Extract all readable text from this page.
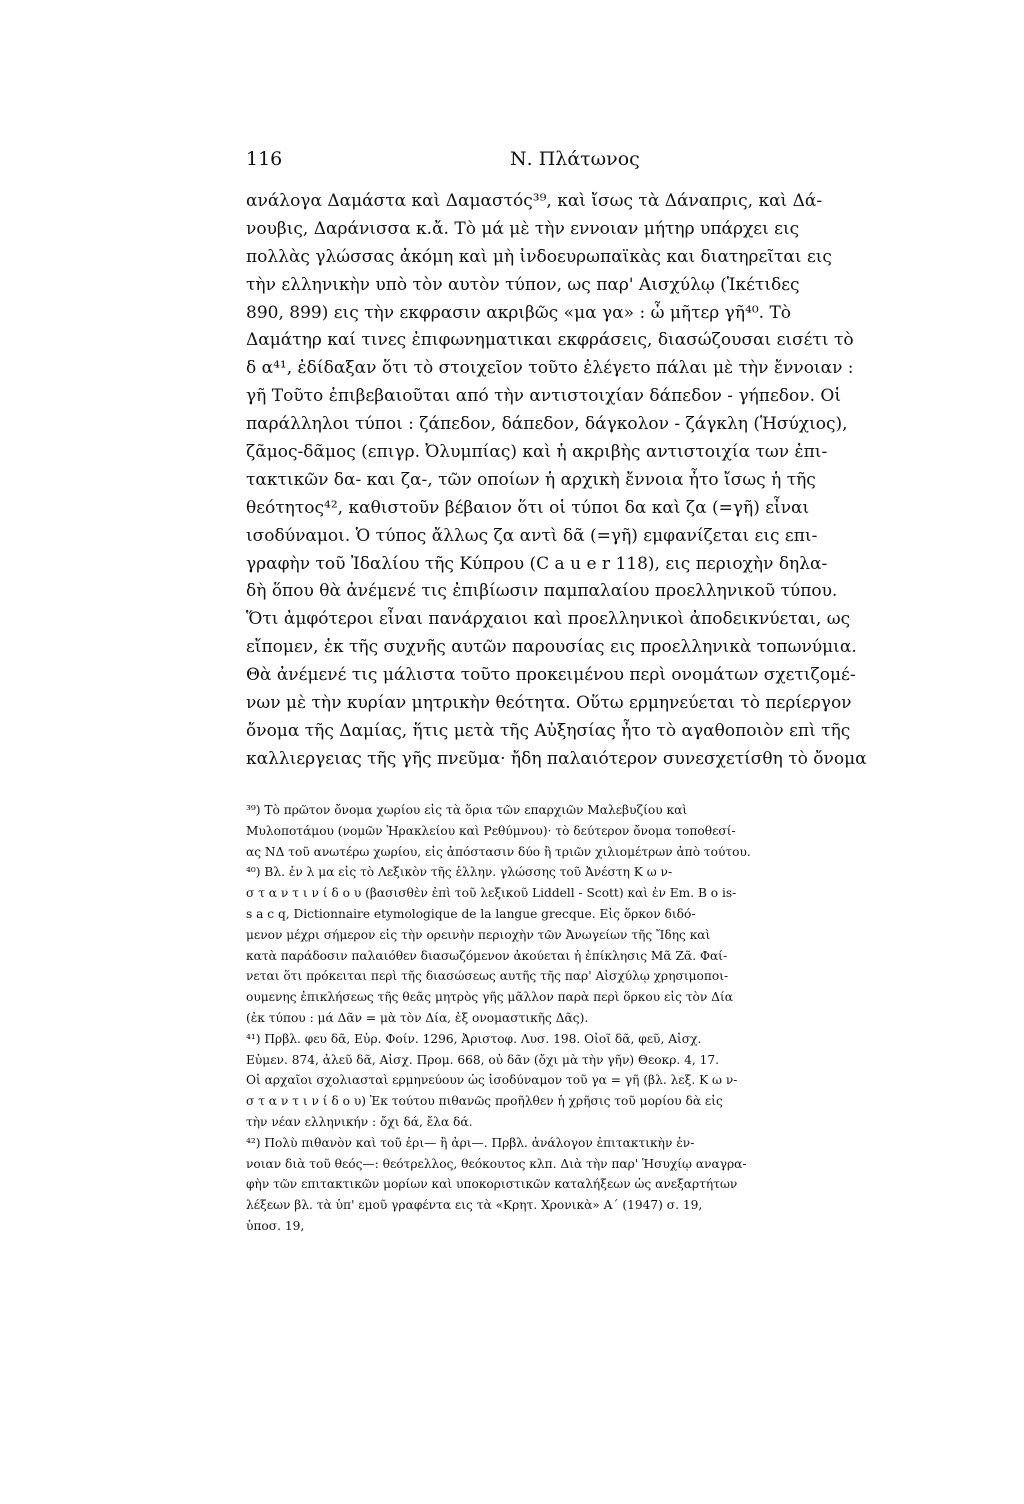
116	Ν. Πλάτωνος
ανάλογα Δαμάστα καὶ Δαμαστός³⁹, καὶ ἴσως τὰ Δάναπρις, καὶ Δά-
νουβις, Δαράνισσα κ.ἄ. Τὸ μά μὲ τὴν εννοιαν μήτηρ υπάρχει εις
πολλὰς γλώσσας ἀκόμη καὶ μὴ ἰνδοευρωπαϊκὰς και διατηρεῖται εις
τὴν ελληνικὴν υπὸ τὸν αυτὸν τύπον, ως παρ' Αισχύλῳ (Ἱκέτιδες
890, 899) εις τὴν εκφρασιν ακριβῶς «μα γα» : ὦ μῆτερ γῆ⁴⁰. Τὸ
Δαμάτηρ καί τινες ἐπιφωνηματικαι εκφράσεις, διασώζουσαι εισέτι τὸ
δ α⁴¹, ἐδίδαξαν ὅτι τὸ στοιχεῖον τοῦτο ἐλέγετο πάλαι μὲ τὴν ἔννοιαν :
γῆ Τοῦτο ἐπιβεβαιοῦται από τὴν αντιστοιχίαν δάπεδον - γήπεδον. Οἱ
παράλληλοι τύποι : ζάπεδον, δάπεδον, δάγκολον - ζάγκλη (Ἡσύχιος),
ζᾶμος-δᾶμος (επιγρ. Ὀλυμπίας) καὶ ἡ ακριβὴς αντιστοιχία των ἐπι-
τακτικῶν δα- και ζα-, τῶν οποίων ἡ αρχικὴ ἔννοια ἦτο ἴσως ἡ τῆς
θεότητος⁴², καθιστοῦν βέβαιον ὅτι οἱ τύποι δα καὶ ζα (=γῆ) εἶναι
ισοδύναμοι. Ὁ τύπος ἄλλως ζα αντὶ δᾶ (=γῆ) εμφανίζεται εις επι-
γραφὴν τοῦ Ἰδαλίου τῆς Κύπρου (C a u e r 118), εις περιοχὴν δηλα-
δὴ ὅπου θὰ ἀνέμενέ τις ἐπιβίωσιν παμπαλαίου προελληνικοῦ τύπου.
Ὅτι ἀμφότεροι εἶναι πανάρχαιοι καὶ προελληνικοὶ ἀποδεικνύεται, ως
εἴπομεν, ἐκ τῆς συχνῆς αυτῶν παρουσίας εις προελληνικὰ τοπωνύμια.
Θὰ ἀνέμενέ τις μάλιστα τοῦτο προκειμένου περὶ ονομάτων σχετιζομέ-
νων μὲ τὴν κυρίαν μητρικὴν θεότητα. Οὕτω ερμηνεύεται τὸ περίεργον
ὄνομα τῆς Δαμίας, ἥτις μετὰ τῆς Αὐξησίας ἦτο τὸ αγαθοποιὸν επὶ τῆς
καλλιεργειας τῆς γῆς πνεῦμα· ἤδη παλαιότερον συνεσχετίσθη τὸ ὄνομα
³⁹) Τὸ πρῶτον ὄνομα χωρίου εἰς τὰ ὅρια τῶν επαρχιῶν Μαλεβυζίου καὶ
Μυλοποτάμου (νομῶν Ἡρακλείου καὶ Ρεθύμνου)· τὸ δεύτερον ὄνομα τοποθεσί-
ας ΝΔ τοῦ ανωτέρω χωρίου, εἰς ἀπόστασιν δύο ἢ τριῶν χιλιομέτρων ἀπὸ τούτου.
⁴⁰) Βλ. ἐν λ μα εἰς τὸ Λεξικὸν τῆς ἑλλην. γλώσσης τοῦ Ἀνέστη Κ ω ν-
σ τ α ν τ ι ν ί δ ο υ (βασισθὲν ἐπὶ τοῦ λεξικοῦ Liddell - Scott) καὶ ἐν Em. B o is-
s a c q, Dictionnaire etymologique de la langue grecque. Εἰς ὅρκον διδό-
μενον μέχρι σήμερον εἰς τὴν ορεινὴν περιοχὴν τῶν Ἀνωγείων τῆς Ἴδης καὶ
κατὰ παράδοσιν παλαιόθεν διασωζόμενον ἀκούεται ἡ ἐπίκλησις Μᾶ Ζᾶ. Φαί-
νεται ὅτι πρόκειται περὶ τῆς διασώσεως αυτῆς τῆς παρ' Αἰσχύλῳ χρησιμοποι-
ουμενης ἐπικλήσεως τῆς θεᾶς μητρὸς γῆς μᾶλλον παρὰ περὶ ὅρκου εἰς τὸν Δία
(ἐκ τύπου : μά Δᾶν = μὰ τὸν Δία, ἐξ ονομαστικῆς Δᾶς).
⁴¹) Πρβλ. φευ δᾶ, Εὐρ. Φοίν. 1296, Ἀριστοφ. Λυσ. 198. Οἰοῖ δᾶ, φεῦ, Αἰσχ.
Εὐμεν. 874, ἀλεῦ δᾶ, Αἰσχ. Προμ. 668, οὐ δᾶν (ὄχι μὰ τὴν γῆν) Θεοκρ. 4, 17.
Οἱ αρχαῖοι σχολιασταὶ ερμηνεύουν ὡς ἰσοδύναμον τοῦ γα = γῆ (βλ. λεξ. Κ ω ν-
σ τ α ν τ ι ν ί δ ο υ) Ἐκ τούτου πιθανῶς προῆλθεν ἡ χρῆσις τοῦ μορίου δὰ εἰς
τὴν νέαν ελληνικήν : ὄχι δά, ἔλα δά.
⁴²) Πολὺ πιθανὸν καὶ τοῦ ἐρι— ἢ ἀρι—. Πρβλ. ἀνάλογον ἐπιτακτικὴν ἐν-
νοιαν διὰ τοῦ θεός—: θεότρελλος, θεόκουτος κλπ. Διὰ τὴν παρ' Ἡσυχίῳ αναγρα-
φὴν τῶν επιτακτικῶν μορίων καὶ υποκοριστικῶν καταλήξεων ὡς ανεξαρτήτων
λέξεων βλ. τὰ ὑπ' εμοῦ γραφέντα εις τὰ «Κρητ. Χρονικὰ» Α΄ (1947) σ. 19,
ὑποσ. 19,
